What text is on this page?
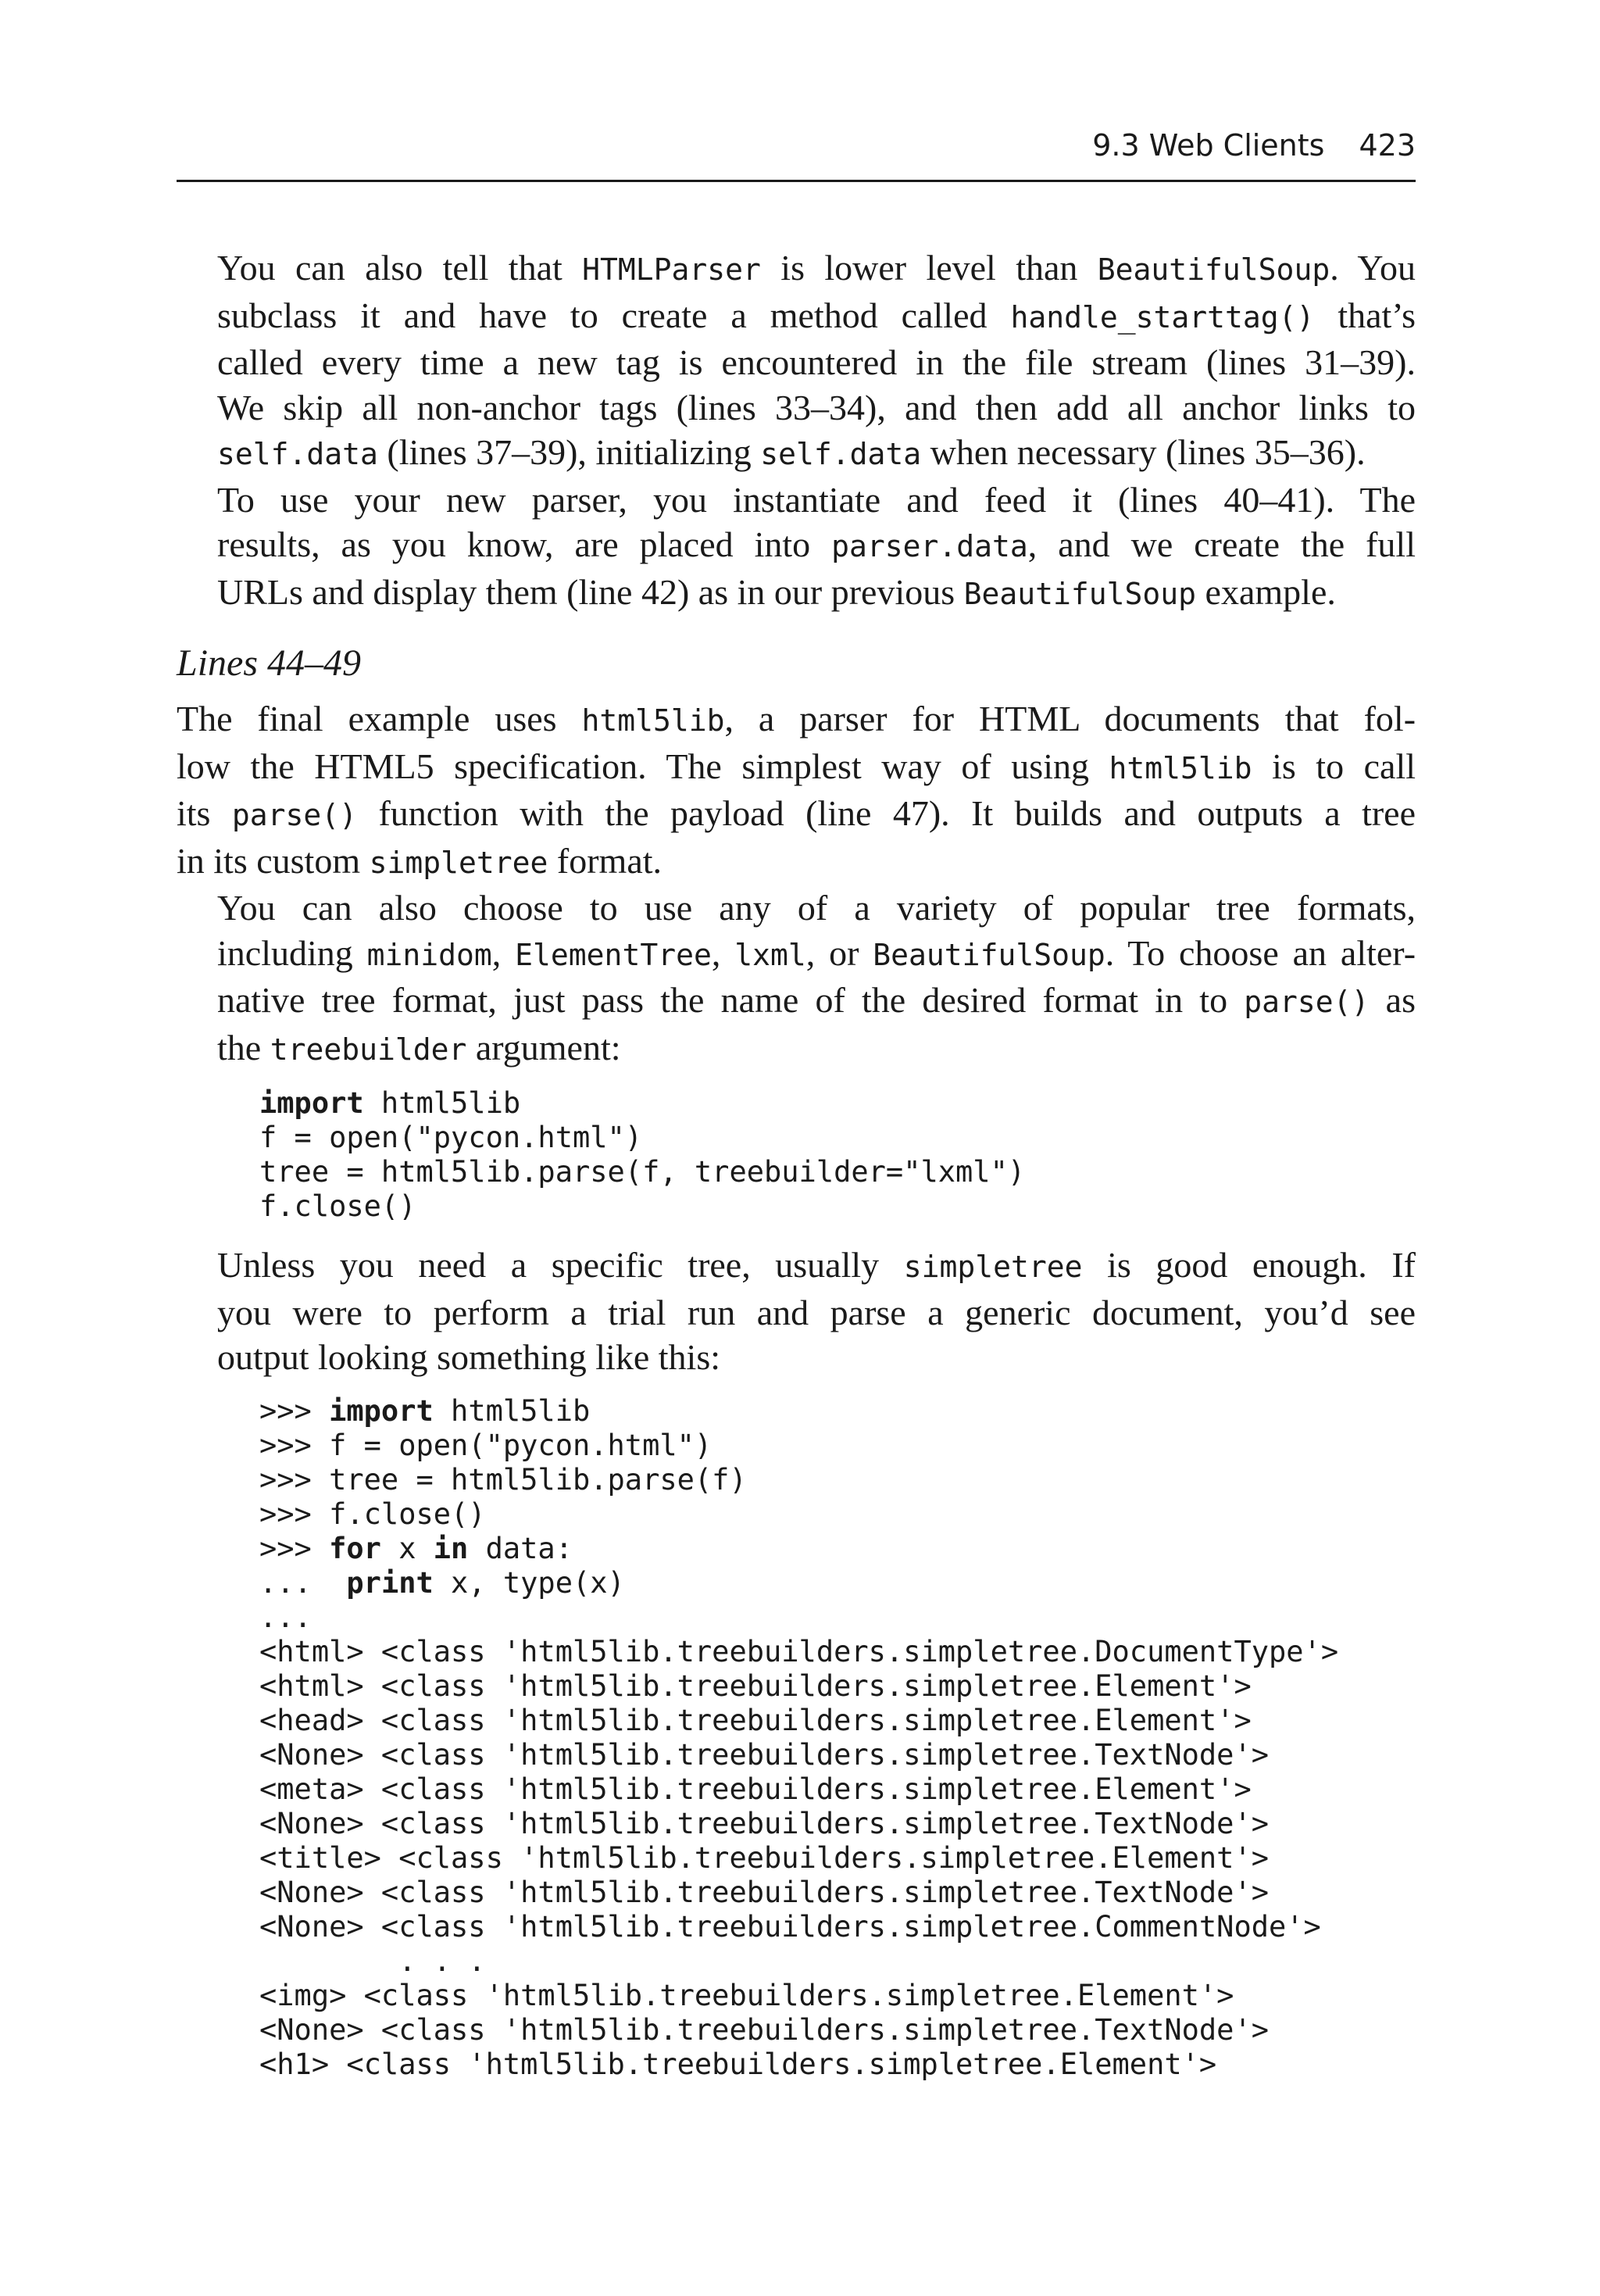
9.3 Web Clients 423

You can also tell that HTMLParser is lower level than BeautifulSoup. You
subclass it and have to create a method called handle_starttag() that’s
called every time a new tag is encountered in the file stream (lines 31–39).
We skip all non-anchor tags (lines 33–34), and then add all anchor links to
self.data (lines 37–39), initializing self.data when necessary (lines 35–36).

To use your new parser, you instantiate and feed it (lines 40–41). The
results, as you know, are placed into parser.data, and we create the full
URLs and display them (line 42) as in our previous BeautifulSoup example.

Lines 44–49

The final example uses html5lib, a parser for HTML documents that fol-
low the HTML5 specification. The simplest way of using html5lib is to call
its parse() function with the payload (line 47). It builds and outputs a tree
in its custom simpletree format.

You can also choose to use any of a variety of popular tree formats,
including minidom, ElementTree, lxml, or BeautifulSoup. To choose an alter-
native tree format, just pass the name of the desired format in to parse() as
the treebuilder argument:

import html5lib
f = open("pycon.html")
tree = html5lib.parse(f, treebuilder="lxml")
f.close()

Unless you need a specific tree, usually simpletree is good enough. If
you were to perform a trial run and parse a generic document, you’d see
output looking something like this:

>>> import html5lib
>>> f = open("pycon.html")
>>> tree = html5lib.parse(f)
>>> f.close()
>>> for x in data:
...  print x, type(x)
...
<html> <class 'html5lib.treebuilders.simpletree.DocumentType'>
<html> <class 'html5lib.treebuilders.simpletree.Element'>
<head> <class 'html5lib.treebuilders.simpletree.Element'>
<None> <class 'html5lib.treebuilders.simpletree.TextNode'>
<meta> <class 'html5lib.treebuilders.simpletree.Element'>
<None> <class 'html5lib.treebuilders.simpletree.TextNode'>
<title> <class 'html5lib.treebuilders.simpletree.Element'>
<None> <class 'html5lib.treebuilders.simpletree.TextNode'>
<None> <class 'html5lib.treebuilders.simpletree.CommentNode'>
. . .
<img> <class 'html5lib.treebuilders.simpletree.Element'>
<None> <class 'html5lib.treebuilders.simpletree.TextNode'>
<h1> <class 'html5lib.treebuilders.simpletree.Element'>
